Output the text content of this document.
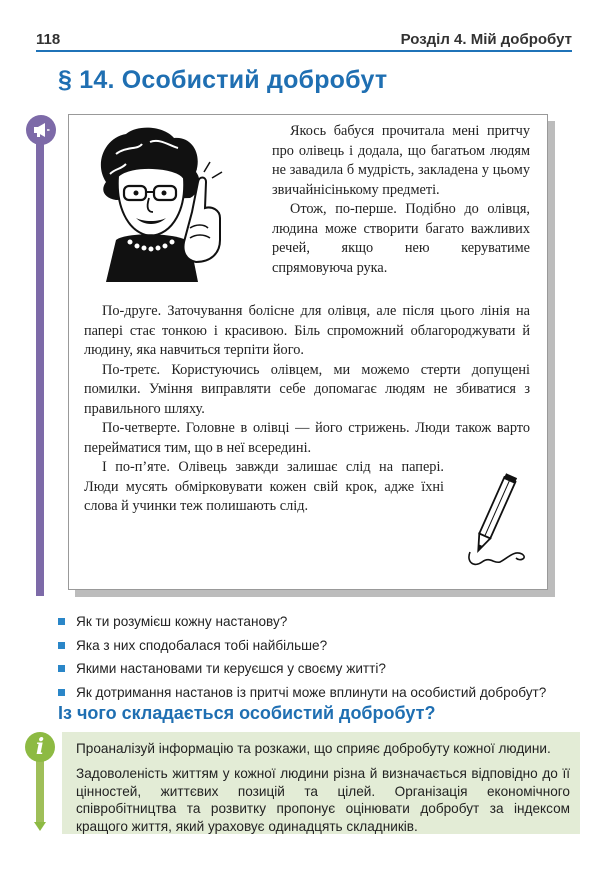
118	Розділ 4. Мій добробут
§ 14. Особистий добробут

Якось бабуся прочитала мені притчу про олівець і додала, що багатьом людям не завадила б мудрість, закладена у цьому звичайнісінькому предметі.

Отож, по-перше. Подібно до олівця, людина може створити багато важливих речей, якщо нею керуватиме спрямовуюча рука.

По-друге. Заточування болісне для олівця, але після цього лінія на папері стає тонкою і красивою. Біль спроможний облагороджувати й людину, яка навчиться терпіти його.

По-третє. Користуючись олівцем, ми можемо стерти допущені помилки. Уміння виправляти себе допомагає людям не збиватися з правильного шляху.

По-четверте. Головне в олівці — його стрижень. Люди також варто перейматися тим, що в неї всередині.

І по-п’яте. Олівець завжди залишає слід на папері. Люди мусять обмірковувати кожен свій крок, адже їхні слова й учинки теж полишають слід.

Як ти розумієш кожну настанову?
Яка з них сподобалася тобі найбільше?
Якими настановами ти керуєшся у своєму житті?
Як дотримання настанов із притчі може вплинути на особистий добробут?
Із чого складається особистий добробут?
i	Проаналізуй інформацію та розкажи, що сприяє добробуту кожної людини.
Задоволеність життям у кожної людини різна й визначається відповідно до її цінностей, життєвих позицій та цілей. Організація економічного співробітництва та розвитку пропонує оцінювати добробут за індексом кращого життя, який ураховує одинадцять складників.
